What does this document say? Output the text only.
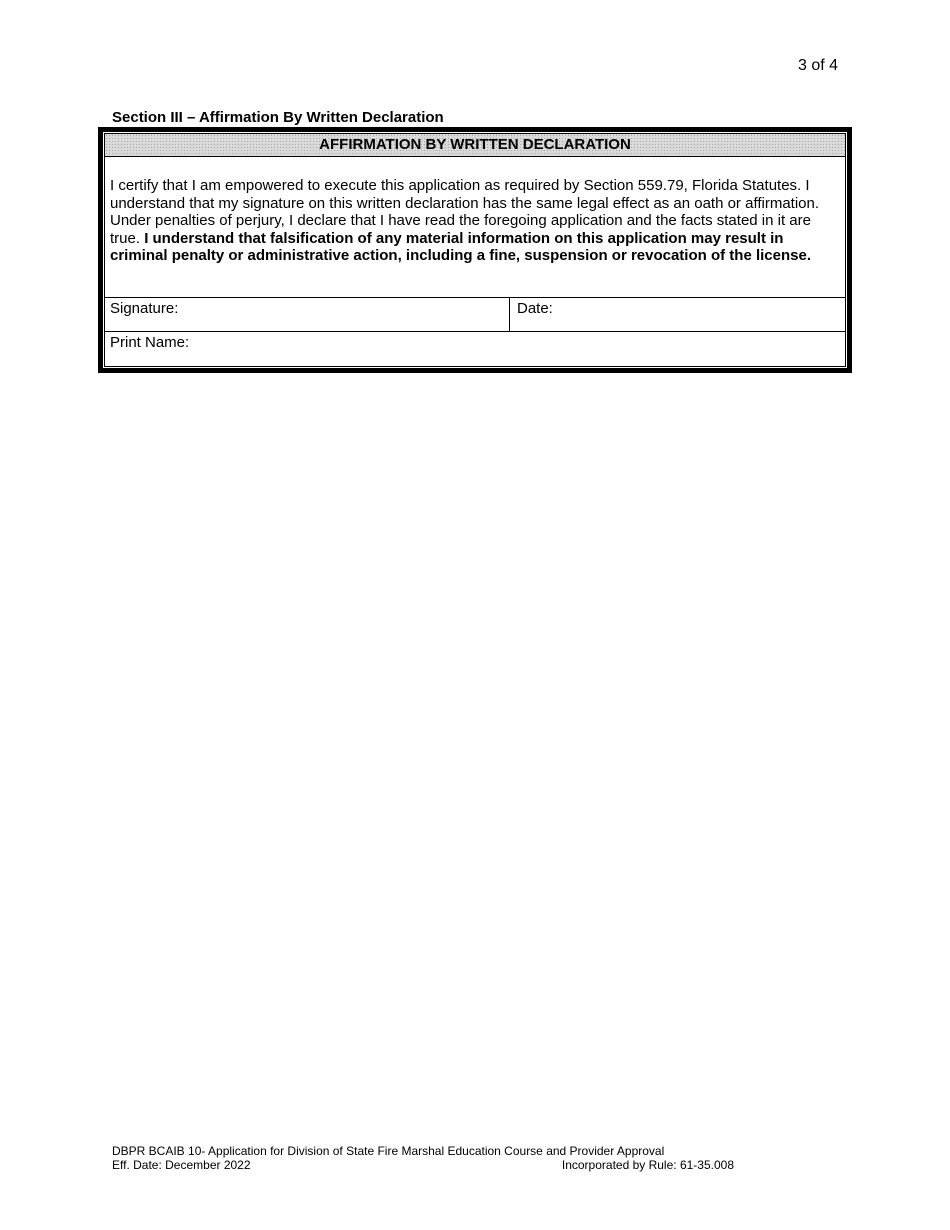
3 of 4
Section III – Affirmation By Written Declaration
AFFIRMATION BY WRITTEN DECLARATION
I certify that I am empowered to execute this application as required by Section 559.79, Florida Statutes. I understand that my signature on this written declaration has the same legal effect as an oath or affirmation. Under penalties of perjury, I declare that I have read the foregoing application and the facts stated in it are true. I understand that falsification of any material information on this application may result in criminal penalty or administrative action, including a fine, suspension or revocation of the license.
Signature:	Date:
Print Name:
DBPR BCAIB 10- Application for Division of State Fire Marshal Education Course and Provider Approval
Eff. Date: December 2022	Incorporated by Rule: 61-35.008
